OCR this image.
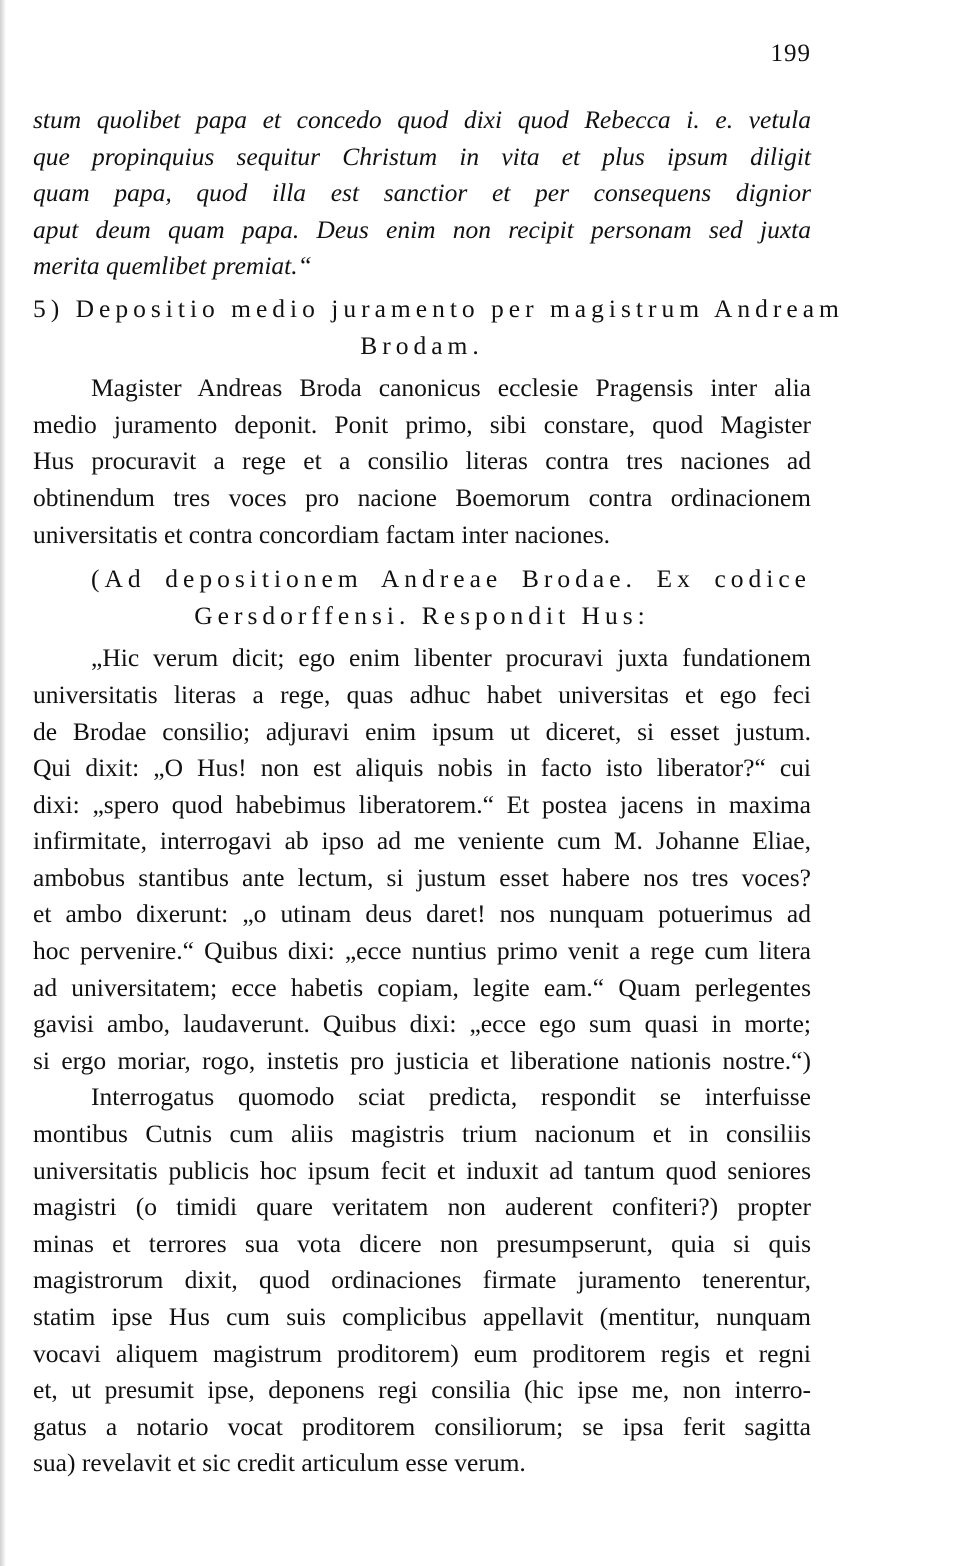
199
stum quolibet papa et concedo quod dixi quod Rebecca i. e. vetula
que propinquius sequitur Christum in vita et plus ipsum diligit
quam papa, quod illa est sanctior et per consequens dignior
aput deum quam papa. Deus enim non recipit personam sed juxta
merita quemlibet premiat.“
5) Depositio medio juramento per magistrum Andream
Brodam.
Magister Andreas Broda canonicus ecclesie Pragensis inter alia
medio juramento deponit. Ponit primo, sibi constare, quod Magister
Hus procuravit a rege et a consilio literas contra tres naciones ad
obtinendum tres voces pro nacione Boemorum contra ordinacionem
universitatis et contra concordiam factam inter naciones.
(Ad depositionem Andreae Brodae. Ex codice
Gersdorffensi. Respondit Hus:
„Hic verum dicit; ego enim libenter procuravi juxta fundationem
universitatis literas a rege, quas adhuc habet universitas et ego feci
de Brodae consilio; adjuravi enim ipsum ut diceret, si esset justum.
Qui dixit: „O Hus! non est aliquis nobis in facto isto liberator?“ cui
dixi: „spero quod habebimus liberatorem.“ Et postea jacens in maxima
infirmitate, interrogavi ab ipso ad me veniente cum M. Johanne Eliae,
ambobus stantibus ante lectum, si justum esset habere nos tres voces?
et ambo dixerunt: „o utinam deus daret! nos nunquam potuerimus ad
hoc pervenire.“ Quibus dixi: „ecce nuntius primo venit a rege cum litera
ad universitatem; ecce habetis copiam, legite eam.“ Quam perlegentes
gavisi ambo, laudaverunt. Quibus dixi: „ecce ego sum quasi in morte;
si ergo moriar, rogo, instetis pro justicia et liberatione nationis nostre.“)
Interrogatus quomodo sciat predicta, respondit se interfuisse
montibus Cutnis cum aliis magistris trium nacionum et in consiliis
universitatis publicis hoc ipsum fecit et induxit ad tantum quod seniores
magistri (o timidi quare veritatem non auderent confiteri?) propter
minas et terrores sua vota dicere non presumpserunt, quia si quis
magistrorum dixit, quod ordinaciones firmate juramento tenerentur,
statim ipse Hus cum suis complicibus appellavit (mentitur, nunquam
vocavi aliquem magistrum proditorem) eum proditorem regis et regni
et, ut presumit ipse, deponens regi consilia (hic ipse me, non interro-
gatus a notario vocat proditorem consiliorum; se ipsa ferit sagitta
sua) revelavit et sic credit articulum esse verum.
